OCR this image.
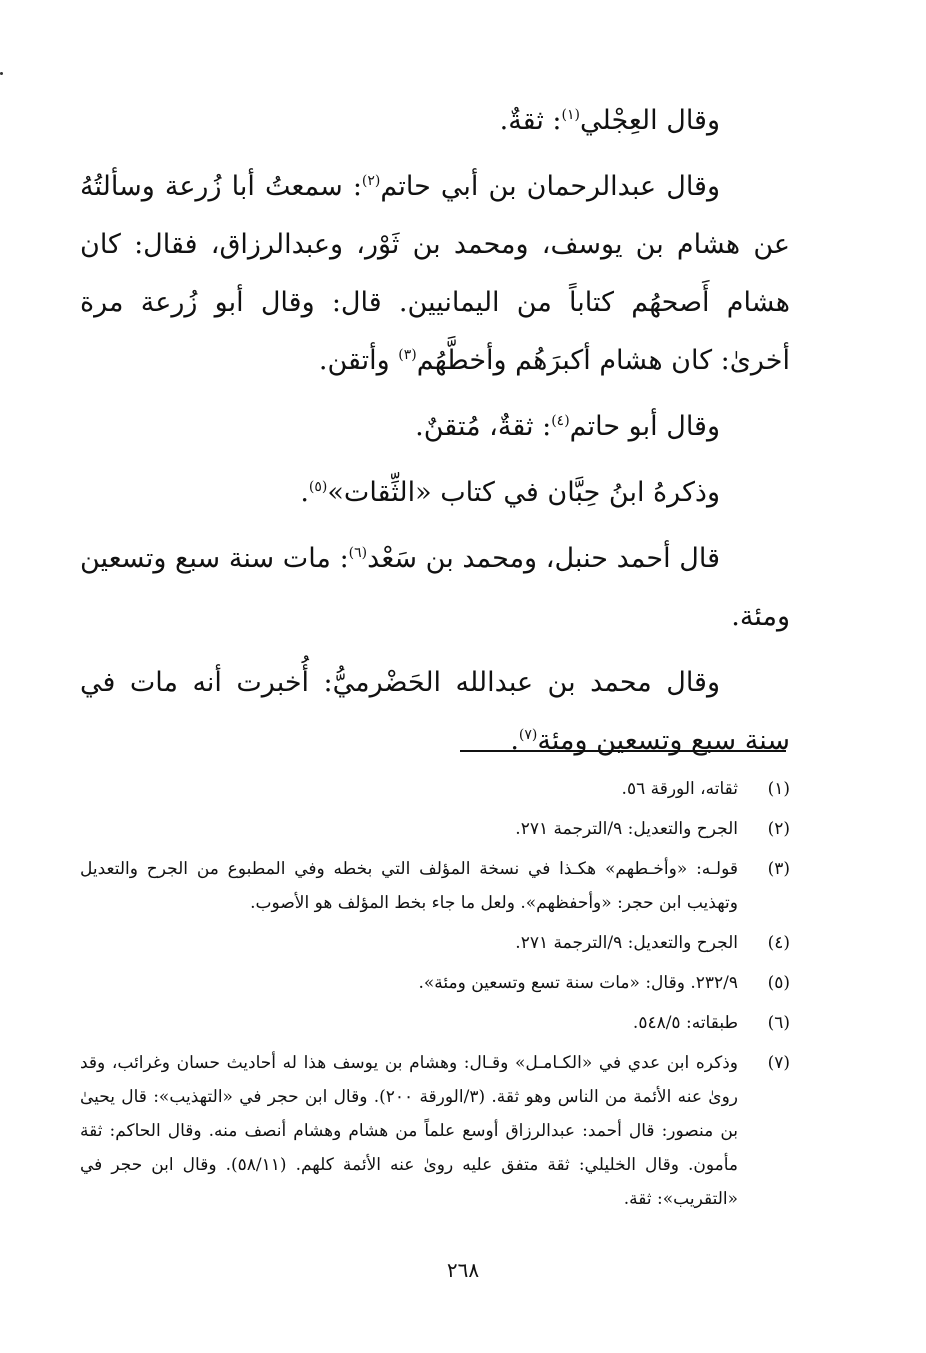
وقال العِجْلي$^{(١)}$: ثقةٌ.

وقال عبدالرحمان بن أبي حاتم$^{(٢)}$: سمعتُ أبا زُرعة وسألتُهُ عن هشام بن يوسف، ومحمد بن ثَوْر، وعبدالرزاق، فقال: كان هشام أَصحهُم كتاباً من اليمانيين. قال: وقال أبو زُرعة مرة أخرىٰ: كان هشام أكبرَهُم وأخطَّهُم$^{(٣)}$ وأتقن.

وقال أبو حاتم$^{(٤)}$: ثقةٌ، مُتقنٌ.

وذكرهُ ابنُ حِبَّان في كتاب «الثِّقات»$^{(٥)}$.

قال أحمد حنبل، ومحمد بن سَعْد$^{(٦)}$: مات سنة سبع وتسعين ومئة.

وقال محمد بن عبدالله الحَضْرميُّ: أُخبرت أنه مات في سنة سبع وتسعين ومئة$^{(٧)}$.

(١)
ثقاته، الورقة ٥٦.
(٢)
الجرح والتعديل: ٩/الترجمة ٢٧١.
(٣)
قولـه: «وأخـطهم» هكـذا في نسخة المؤلف التي بخطه وفي المطبوع من الجرح والتعديل وتهذيب ابن حجر: «وأحفظهم». ولعل ما جاء بخط المؤلف هو الأصوب.
(٤)
الجرح والتعديل: ٩/الترجمة ٢٧١.
(٥)
٢٣٢/٩. وقال: «مات سنة تسع وتسعين ومئة».
(٦)
طبقاته: ٥٤٨/٥.
(٧)
وذكره ابن عدي في «الكـامـل» وقـال: وهشام بن يوسف هذا له أحاديث حسان وغرائب، وقد روىٰ عنه الأئمة من الناس وهو ثقة. (٣/الورقة ٢٠٠). وقال ابن حجر في «التهذيب»: قال يحيىٰ بن منصور: قال أحمد: عبدالرزاق أوسع علماً من هشام وهشام أنصف منه. وقال الحاكم: ثقة مأمون. وقال الخليلي: ثقة متفق عليه روىٰ عنه الأئمة كلهم. (٥٨/١١). وقال ابن حجر في «التقريب»: ثقة.
٢٦٨
